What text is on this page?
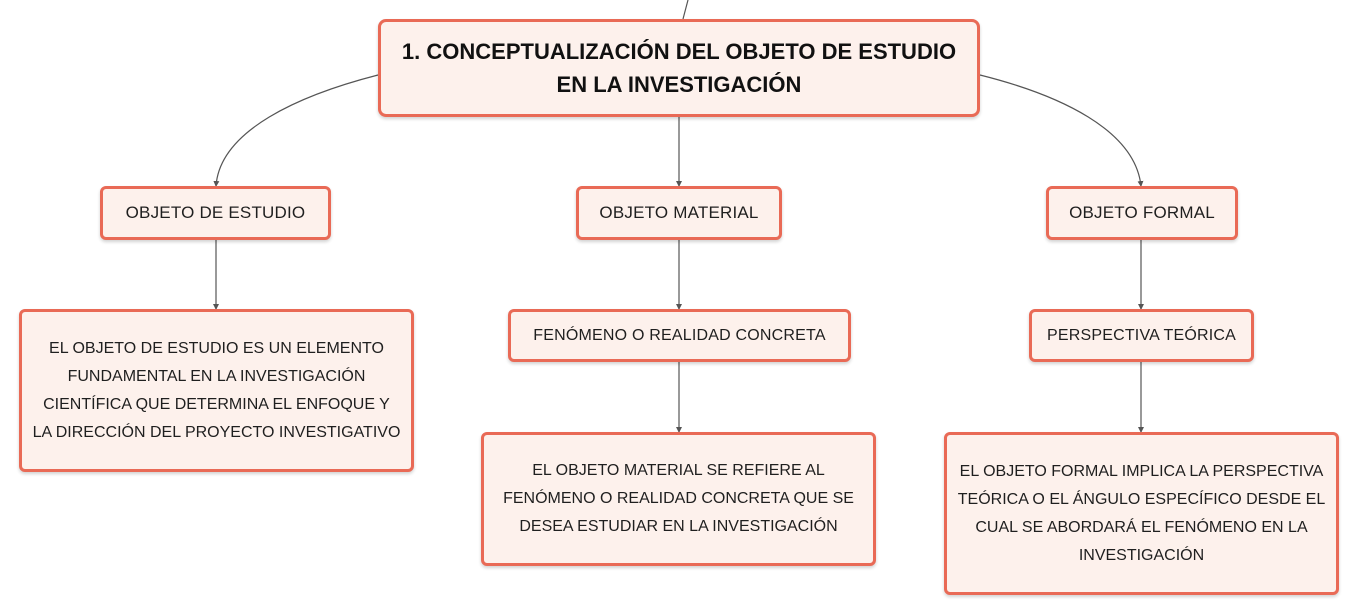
1. CONCEPTUALIZACIÓN DEL OBJETO DE ESTUDIO
EN LA INVESTIGACIÓN
OBJETO DE ESTUDIO	OBJETO MATERIAL	OBJETO FORMAL
EL OBJETO DE ESTUDIO ES UN ELEMENTO FUNDAMENTAL EN LA INVESTIGACIÓN CIENTÍFICA QUE DETERMINA EL ENFOQUE Y LA DIRECCIÓN DEL PROYECTO INVESTIGATIVO
FENÓMENO O REALIDAD CONCRETA	PERSPECTIVA TEÓRICA
EL OBJETO MATERIAL SE REFIERE AL FENÓMENO O REALIDAD CONCRETA QUE SE DESEA ESTUDIAR EN LA INVESTIGACIÓN
EL OBJETO FORMAL IMPLICA LA PERSPECTIVA TEÓRICA O EL ÁNGULO ESPECÍFICO DESDE EL CUAL SE ABORDARÁ EL FENÓMENO EN LA INVESTIGACIÓN
